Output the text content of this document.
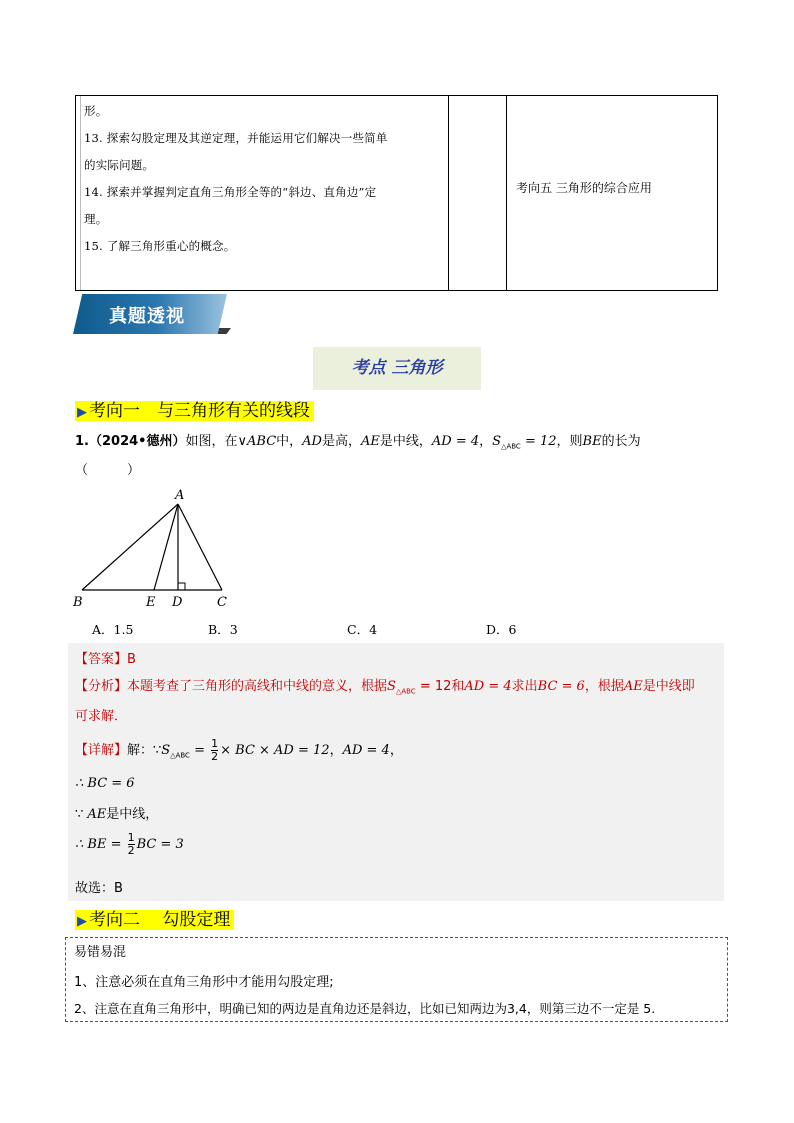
形。

13. 探索勾股定理及其逆定理，并能运用它们解决一些简单

的实际问题。

14. 探索并掌握判定直角三角形全等的“斜边、直角边”定

理。

15. 了解三角形重心的概念。

考向五 三角形的综合应用
真题透视
考点 三角形
▶ 考向一　与三角形有关的线段
1.（2024•德州）如图，在∨ABC中，AD是高，AE是中线，AD = 4，$S_{\triangle ABC} = 12$，则BE的长为
（　　　）
A
B	E D	C
A．1.5	B．3	C．4	D．6
【答案】B
【分析】本题考查了三角形的高线和中线的意义，根据$S_{\triangle ABC} = 12$和AD = 4求出BC = 6，根据AE是中线即
可求解．
【详解】解：$\because S_{\triangle ABC} = \frac{1}{2}$ × BC × AD = 12，AD = 4，
∴ BC = 6
∵ AE是中线，
∴ BE = $\frac{1}{2}$ BC = 3
故选：B
▶ 考向二　 勾股定理
易错易混
1、注意必须在直角三角形中才能用勾股定理;
2、注意在直角三角形中，明确已知的两边是直角边还是斜边，比如已知两边为3,4，则第三边不一定是 5.
